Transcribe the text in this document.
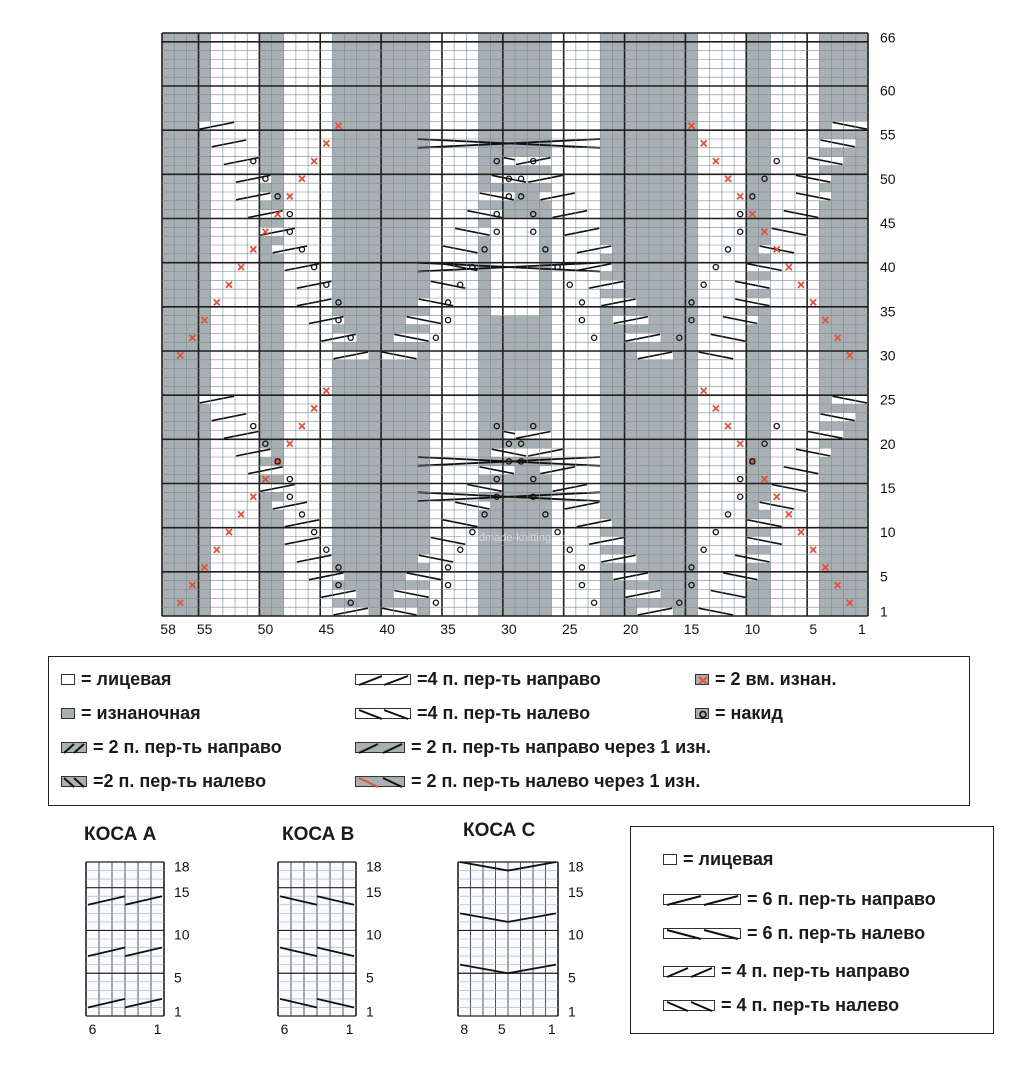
66
60
55
50
45
40
35
30
25
20
15
10
5
1
58 55	50	45	40	35	30	25	20	15	10	5	1
handmade-knitting.net
18
15
10
5
1
6	1
18
15
10
5
1
6	1
18
15
10
5
1
8 5	1
= лицевая
= изнаночная
= 2 п. пер-ть направо
=2 п. пер-ть налево
=4 п. пер-ть направо
=4 п. пер-ть налево
= 2 п. пер-ть направо через 1 изн.
= 2 п. пер-ть налево через 1 изн.
= 2 вм. изнан.
= накид
КОСА А	КОСА В	КОСА С
= лицевая
= 6 п. пер-ть направо
= 6 п. пер-ть налево
= 4 п. пер-ть направо
= 4 п. пер-ть налево
